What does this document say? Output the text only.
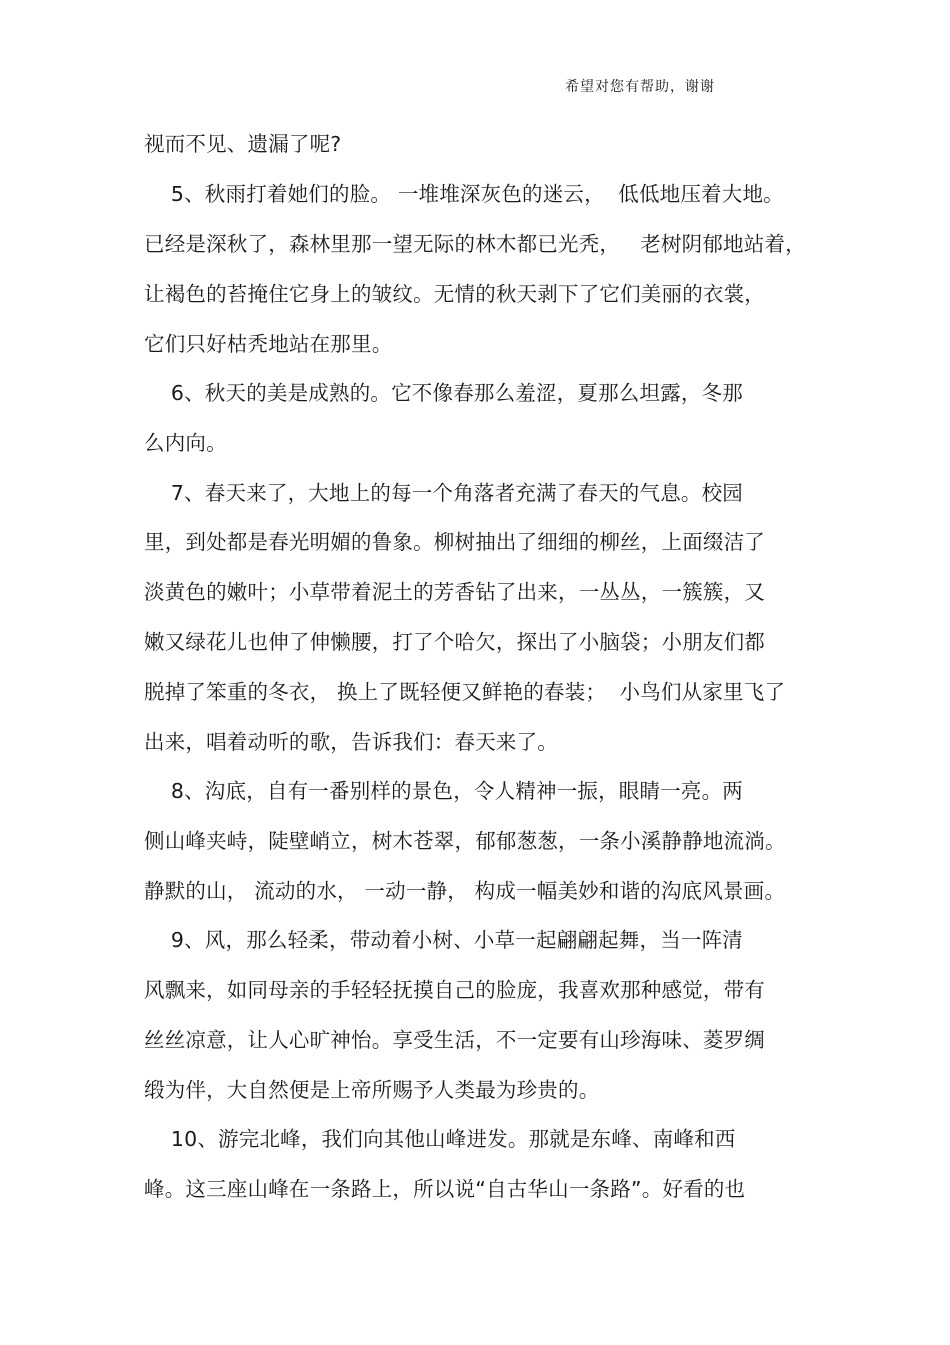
希望对您有帮助，谢谢
视而不见、遗漏了呢?
5、秋雨打着她们的脸。 一堆堆深灰色的迷云，  低低地压着大地。
已经是深秋了，森林里那一望无际的林木都已光秃，   老树阴郁地站着，
让褐色的苔掩住它身上的皱纹。无情的秋天剥下了它们美丽的衣裳，
它们只好枯秃地站在那里。
6、秋天的美是成熟的。它不像春那么羞涩，夏那么坦露，冬那
么内向。
7、春天来了，大地上的每一个角落者充满了春天的气息。校园
里，到处都是春光明媚的鲁象。柳树抽出了细细的柳丝，上面缀洁了
淡黄色的嫩叶；小草带着泥土的芳香钻了出来，一丛丛，一簇簇，又
嫩又绿花儿也伸了伸懒腰，打了个哈欠，探出了小脑袋；小朋友们都
脱掉了笨重的冬衣， 换上了既轻便又鲜艳的春装；  小鸟们从家里飞了
出来，唱着动听的歌，告诉我们：春天来了。
8、沟底，自有一番别样的景色，令人精神一振，眼睛一亮。两
侧山峰夹峙，陡壁峭立，树木苍翠，郁郁葱葱，一条小溪静静地流淌。
静默的山， 流动的水， 一动一静， 构成一幅美妙和谐的沟底风景画。
9、风，那么轻柔，带动着小树、小草一起翩翩起舞，当一阵清
风飘来，如同母亲的手轻轻抚摸自己的脸庞，我喜欢那种感觉，带有
丝丝凉意，让人心旷神怡。享受生活，不一定要有山珍海味、菱罗绸
缎为伴，大自然便是上帝所赐予人类最为珍贵的。
10、游完北峰，我们向其他山峰进发。那就是东峰、南峰和西
峰。这三座山峰在一条路上，所以说“自古华山一条路”。好看的也
